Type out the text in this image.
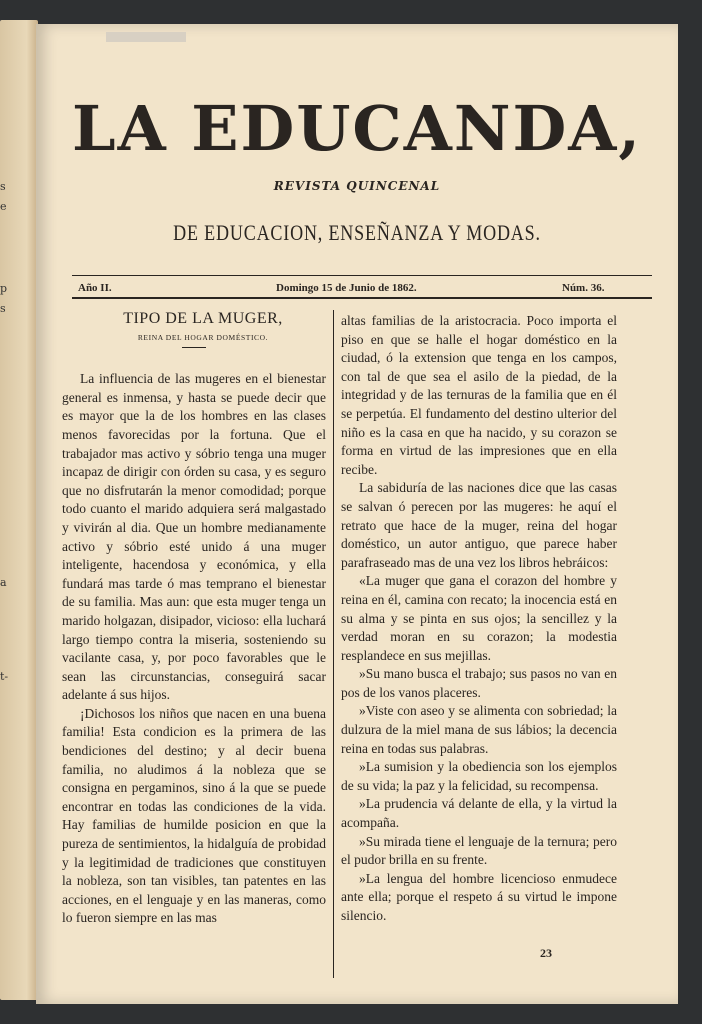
s
e
p
s
a
t-
LA EDUCANDA,
REVISTA QUINCENAL
DE EDUCACION, ENSEÑANZA Y MODAS.
Año II.	Domingo 15 de Junio de 1862.	Núm. 36.

TIPO DE LA MUGER,

REINA DEL HOGAR DOMÉSTICO.

La influencia de las mugeres en el bienestar general es inmensa, y hasta se puede decir que es mayor que la de los hombres en las clases menos favorecidas por la fortuna. Que el trabajador mas activo y sóbrio tenga una muger incapaz de dirigir con órden su casa, y es seguro que no disfrutarán la menor comodidad; porque todo cuanto el marido adquiera será malgastado y vivirán al dia. Que un hombre medianamente activo y sóbrio esté unido á una muger inteligente, hacendosa y económica, y ella fundará mas tarde ó mas temprano el bienestar de su familia. Mas aun: que esta muger tenga un marido holgazan, disipador, vicioso: ella luchará largo tiempo contra la miseria, sosteniendo su vacilante casa, y, por poco favorables que le sean las circunstancias, conseguirá sacar adelante á sus hijos.

¡Dichosos los niños que nacen en una buena familia! Esta condicion es la primera de las bendiciones del destino; y al decir buena familia, no aludimos á la nobleza que se consigna en pergaminos, sino á la que se puede encontrar en todas las condiciones de la vida. Hay familias de humilde posicion en que la pureza de sentimientos, la hidalguía de probidad y la legitimidad de tradiciones que constituyen la nobleza, son tan visibles, tan patentes en las acciones, en el lenguaje y en las maneras, como lo fueron siempre en las mas

altas familias de la aristocracia. Poco importa el piso en que se halle el hogar doméstico en la ciudad, ó la extension que tenga en los campos, con tal de que sea el asilo de la piedad, de la integridad y de las ternuras de la familia que en él se perpetúa. El fundamento del destino ulterior del niño es la casa en que ha nacido, y su corazon se forma en virtud de las impresiones que en ella recibe.

La sabiduría de las naciones dice que las casas se salvan ó perecen por las mugeres: he aquí el retrato que hace de la muger, reina del hogar doméstico, un autor antiguo, que parece haber parafraseado mas de una vez los libros hebráicos:

«La muger que gana el corazon del hombre y reina en él, camina con recato; la inocencia está en su alma y se pinta en sus ojos; la sencillez y la verdad moran en su corazon; la modestia resplandece en sus mejillas.

»Su mano busca el trabajo; sus pasos no van en pos de los vanos placeres.

»Viste con aseo y se alimenta con sobriedad; la dulzura de la miel mana de sus lábios; la decencia reina en todas sus palabras.

»La sumision y la obediencia son los ejemplos de su vida; la paz y la felicidad, su recompensa.

»La prudencia vá delante de ella, y la virtud la acompaña.

»Su mirada tiene el lenguaje de la ternura; pero el pudor brilla en su frente.

»La lengua del hombre licencioso enmudece ante ella; porque el respeto á su virtud le impone silencio.

23
